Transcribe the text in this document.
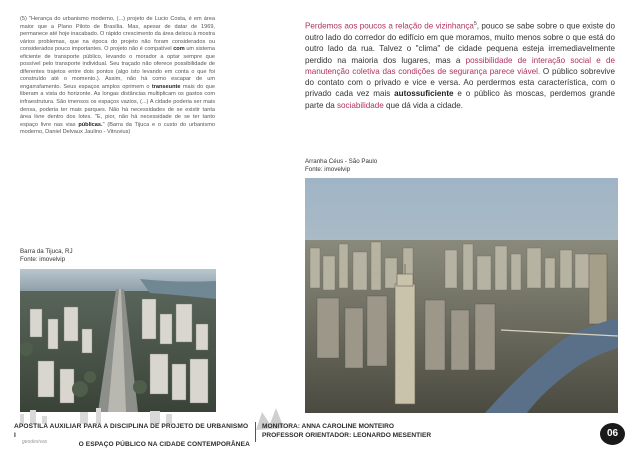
(5) "Herança do urbanismo moderno, (...) projeto de Lucio Costa, é em área maior que a Plano Piloto de Brasília. Mas, apesar de datar de 1969, permanece até hoje inacabado. O rápido crescimento da área deixou à mostra vários problemas, que na época do projeto não foram considerados ou considerados pouco importantes. O projeto não é compatível com um sistema eficiente de transporte público, levando o morador a optar sempre que possível pelo transporte individual. Seu traçado não oferece possibilidade de diferentes trajetos entre dois pontos (algo isto levando em conta o que foi construído até o momento.). Assim, não há como escapar de um engarrafamento. Seus espaços amplos oprimem o transeunte mais do que liberam a vista do horizonte. As longas distâncias multiplicam os gastos com infraestrutura. São imensos os espaços vazios, (...) A cidade poderia ser mais densa, poderia ter mais parques. Não há necessidades de se existir tanta área livre dentro dos lotes. "E, pior, não há necessidade de se ter tanto espaço livre nas vias públicas." (Barra da Tijuca e o custo do urbanismo moderno, Daniel Delvaux Jaulino - Vitruvius)
Barra da Tijuca, RJ
Fonte: imovelvip
Perdemos aos poucos a relação de vizinhança$^5$, pouco se sabe sobre o que existe do outro lado do corredor do edifício em que moramos, muito menos sobre o que está do outro lado da rua. Talvez o "clima" de cidade pequena esteja irremediavelmente perdido na maioria dos lugares, mas a possibilidade de interação social e de manutenção coletiva das condições de segurança parece viável. O público sobrevive do contato com o privado e vice e versa. Ao perdermos esta característica, com o privado cada vez mais autossuficiente e o público às moscas, perdemos grande parte da sociabilidade que dá vida a cidade.
Arranha Céus - São Paulo
Fonte: imovelvip
APOSTILA AUXILIAR PARA A DISCIPLINA DE PROJETO DE URBANISMO I
O ESPAÇO PÚBLICO NA CIDADE CONTEMPORÂNEA
MONITORA: ANNA CAROLINE MONTEIRO
PROFESSOR ORIENTADOR: LEONARDO MESENTIER
geodesivas
06
